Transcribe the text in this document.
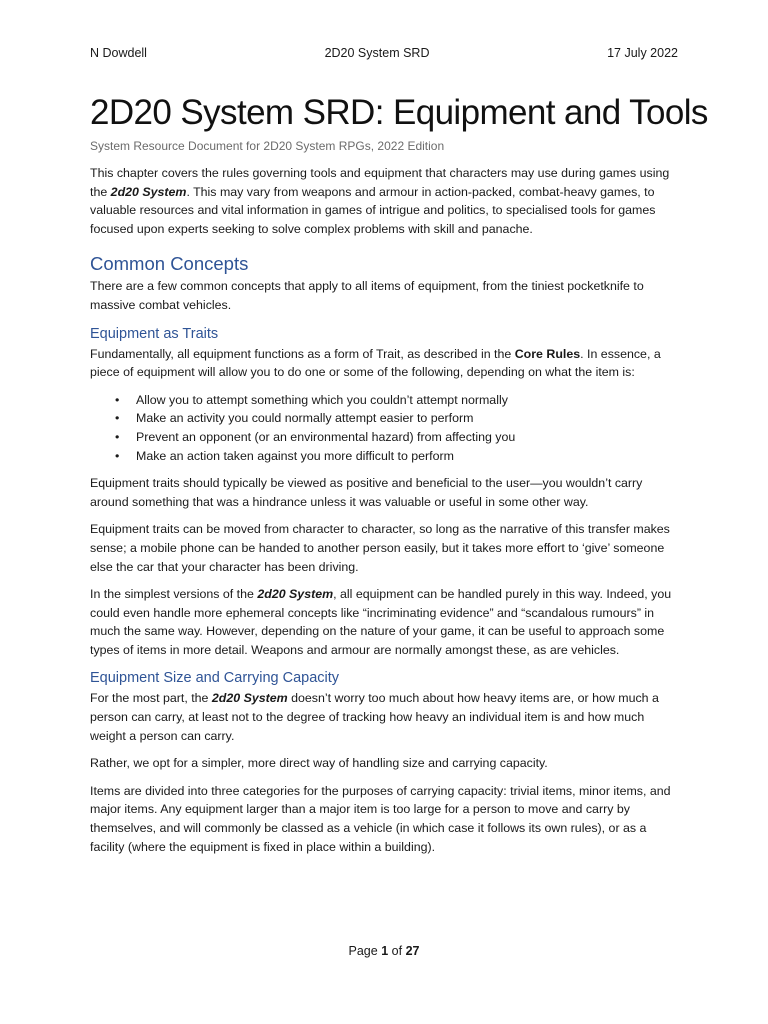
N Dowdell	2D20 System SRD	17 July 2022
2D20 System SRD: Equipment and Tools
System Resource Document for 2D20 System RPGs, 2022 Edition

This chapter covers the rules governing tools and equipment that characters may use during games using the 2d20 System. This may vary from weapons and armour in action-packed, combat-heavy games, to valuable resources and vital information in games of intrigue and politics, to specialised tools for games focused upon experts seeking to solve complex problems with skill and panache.

Common Concepts

There are a few common concepts that apply to all items of equipment, from the tiniest pocketknife to massive combat vehicles.

Equipment as Traits

Fundamentally, all equipment functions as a form of Trait, as described in the Core Rules. In essence, a piece of equipment will allow you to do one or some of the following, depending on what the item is:

• Allow you to attempt something which you couldn’t attempt normally
• Make an activity you could normally attempt easier to perform
• Prevent an opponent (or an environmental hazard) from affecting you
• Make an action taken against you more difficult to perform

Equipment traits should typically be viewed as positive and beneficial to the user—you wouldn’t carry around something that was a hindrance unless it was valuable or useful in some other way.

Equipment traits can be moved from character to character, so long as the narrative of this transfer makes sense; a mobile phone can be handed to another person easily, but it takes more effort to ‘give’ someone else the car that your character has been driving.

In the simplest versions of the 2d20 System, all equipment can be handled purely in this way. Indeed, you could even handle more ephemeral concepts like “incriminating evidence” and “scandalous rumours” in much the same way. However, depending on the nature of your game, it can be useful to approach some types of items in more detail. Weapons and armour are normally amongst these, as are vehicles.

Equipment Size and Carrying Capacity

For the most part, the 2d20 System doesn’t worry too much about how heavy items are, or how much a person can carry, at least not to the degree of tracking how heavy an individual item is and how much weight a person can carry.

Rather, we opt for a simpler, more direct way of handling size and carrying capacity.

Items are divided into three categories for the purposes of carrying capacity: trivial items, minor items, and major items. Any equipment larger than a major item is too large for a person to move and carry by themselves, and will commonly be classed as a vehicle (in which case it follows its own rules), or as a facility (where the equipment is fixed in place within a building).

Page 1 of 27
